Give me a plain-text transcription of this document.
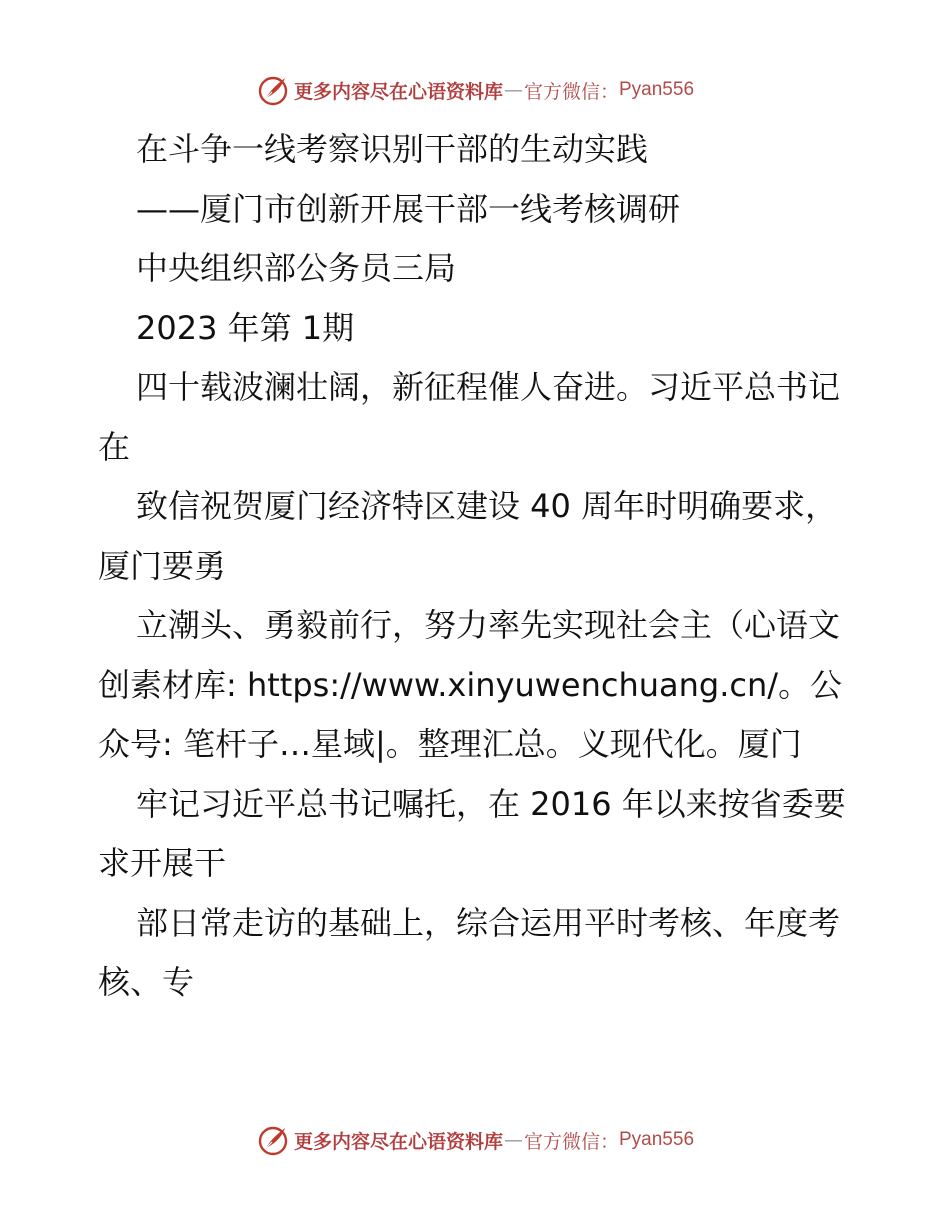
更多内容尽在心语资料库 — 官方微信： Pyan556

在斗争一线考察识别干部的生动实践

——厦门市创新开展干部一线考核调研

中央组织部公务员三局

2023 年第 1期

四十载波澜壮阔，新征程催人奋进。习近平总书记在

致信祝贺厦门经济特区建设 40 周年时明确要求，厦门要勇

立潮头、勇毅前行，努力率先实现社会主（心语文创素材库: https://www.xinyuwenchuang.cn/。公众号: 笔杆子…星域|。整理汇总。义现代化。厦门

牢记习近平总书记嘱托，在 2016 年以来按省委要求开展干

部日常走访的基础上，综合运用平时考核、年度考核、专

更多内容尽在心语资料库 — 官方微信： Pyan556
